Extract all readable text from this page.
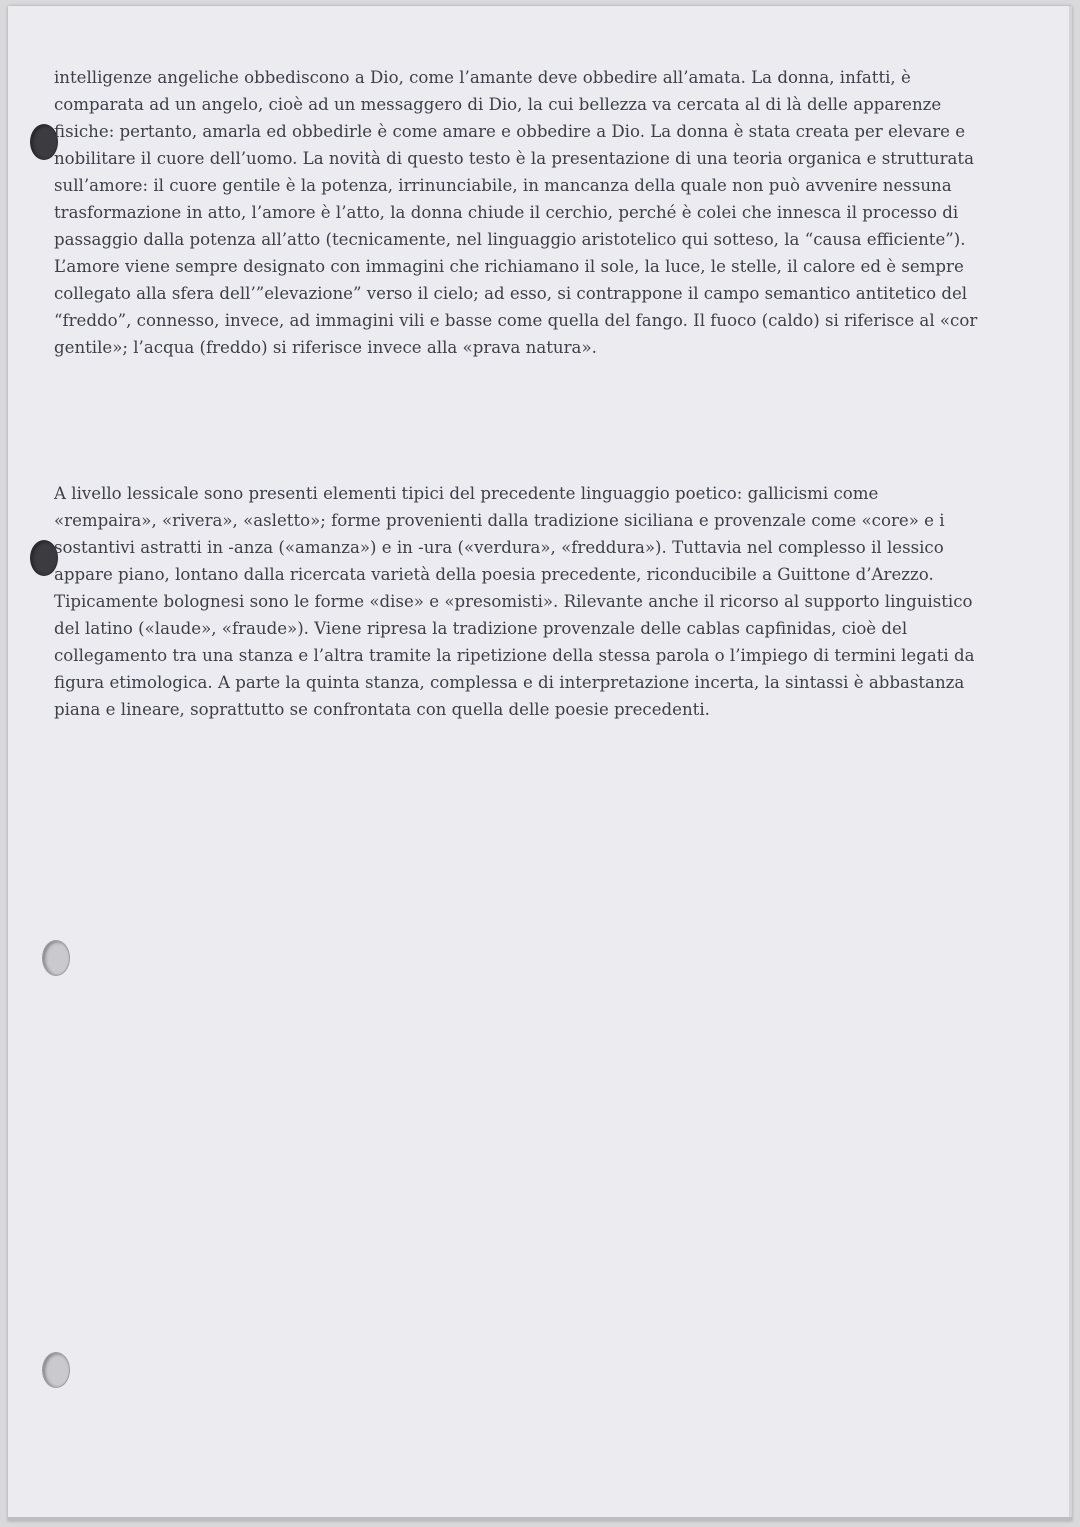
intelligenze angeliche obbediscono a Dio, come l’amante deve obbedire all’amata. La donna, infatti, è comparata ad un angelo, cioè ad un messaggero di Dio, la cui bellezza va cercata al di là delle apparenze fisiche: pertanto, amarla ed obbedirle è come amare e obbedire a Dio. La donna è stata creata per elevare e nobilitare il cuore dell’uomo. La novità di questo testo è la presentazione di una teoria organica e strutturata sull’amore: il cuore gentile è la potenza, irrinunciabile, in mancanza della quale non può avvenire nessuna trasformazione in atto, l’amore è l’atto, la donna chiude il cerchio, perché è colei che innesca il processo di passaggio dalla potenza all’atto (tecnicamente, nel linguaggio aristotelico qui sotteso, la “causa efficiente”). L’amore viene sempre designato con immagini che richiamano il sole, la luce, le stelle, il calore ed è sempre collegato alla sfera dell’”elevazione” verso il cielo; ad esso, si contrappone il campo semantico antitetico del “freddo”, connesso, invece, ad immagini vili e basse come quella del fango. Il fuoco (caldo) si riferisce al «cor gentile»; l’acqua (freddo) si riferisce invece alla «prava natura».

A livello lessicale sono presenti elementi tipici del precedente linguaggio poetico: gallicismi come «rempaira», «rivera», «asletto»; forme provenienti dalla tradizione siciliana e provenzale come «core» e i sostantivi astratti in -anza («amanza») e in -ura («verdura», «freddura»). Tuttavia nel complesso il lessico appare piano, lontano dalla ricercata varietà della poesia precedente, riconducibile a Guittone d’Arezzo. Tipicamente bolognesi sono le forme «dise» e «presomisti». Rilevante anche il ricorso al supporto linguistico del latino («laude», «fraude»). Viene ripresa la tradizione provenzale delle cablas capfinidas, cioè del collegamento tra una stanza e l’altra tramite la ripetizione della stessa parola o l’impiego di termini legati da figura etimologica. A parte la quinta stanza, complessa e di interpretazione incerta, la sintassi è abbastanza piana e lineare, soprattutto se confrontata con quella delle poesie precedenti.
